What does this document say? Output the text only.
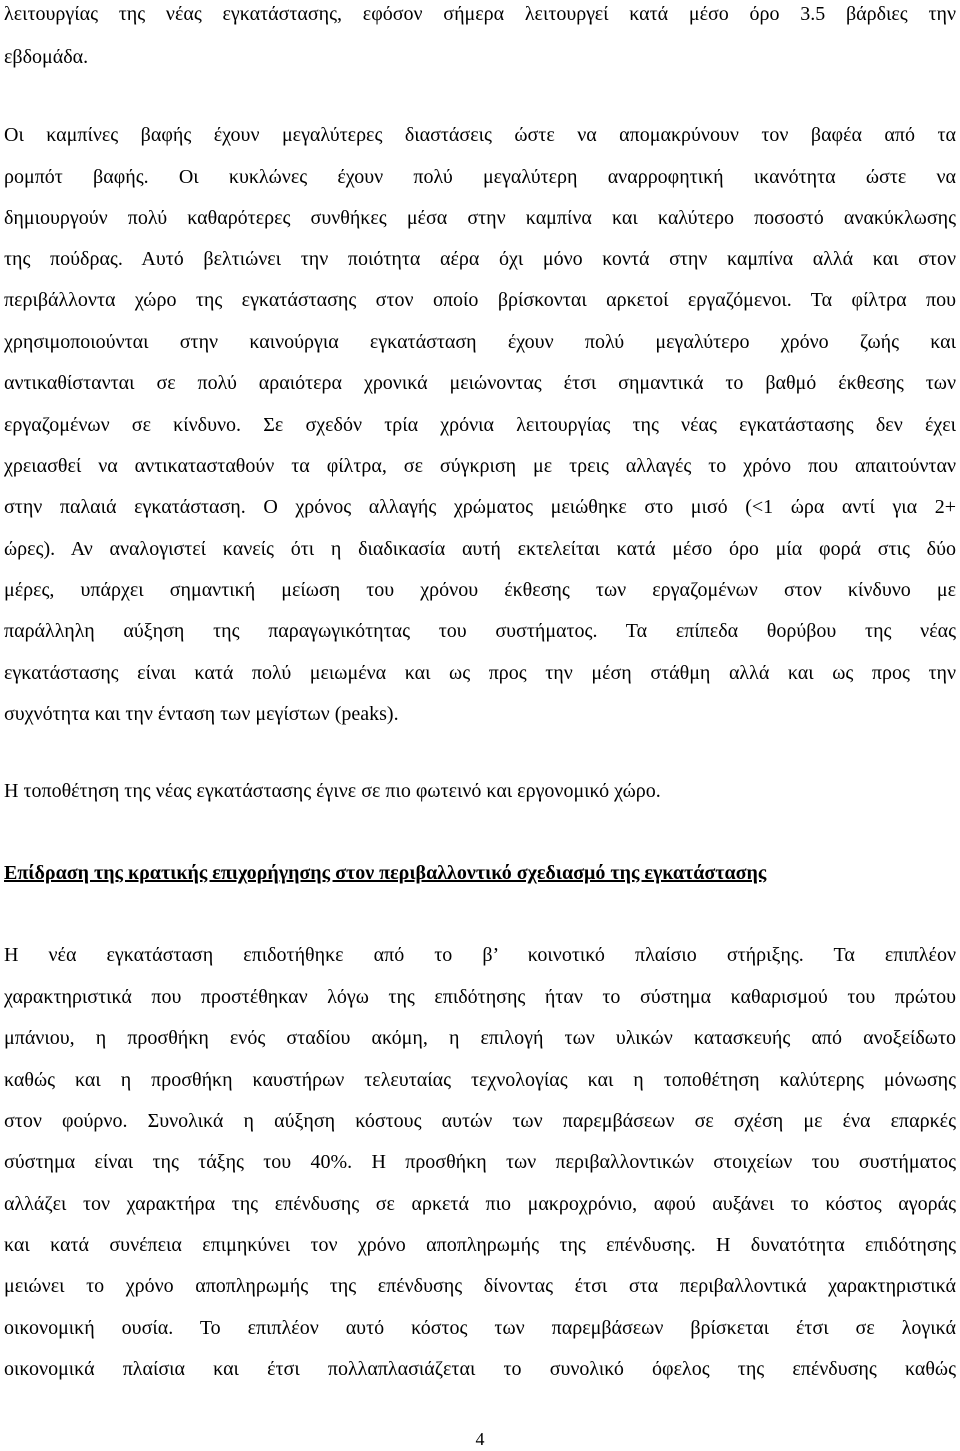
λειτουργίας της νέας εγκατάστασης, εφόσον σήμερα λειτουργεί κατά μέσο όρο 3.5 βάρδιες την
εβδομάδα.
Οι καμπίνες βαφής έχουν μεγαλύτερες διαστάσεις ώστε να απομακρύνουν τον βαφέα από τα
ρομπότ βαφής. Οι κυκλώνες έχουν πολύ μεγαλύτερη αναρροφητική ικανότητα ώστε να
δημιουργούν πολύ καθαρότερες συνθήκες μέσα στην καμπίνα και καλύτερο ποσοστό ανακύκλωσης
της πούδρας. Αυτό βελτιώνει την ποιότητα αέρα όχι μόνο κοντά στην καμπίνα αλλά και στον
περιβάλλοντα χώρο της εγκατάστασης στον οποίο βρίσκονται αρκετοί εργαζόμενοι. Τα φίλτρα που
χρησιμοποιούνται στην καινούργια εγκατάσταση έχουν πολύ μεγαλύτερο χρόνο ζωής και
αντικαθίστανται σε πολύ αραιότερα χρονικά μειώνοντας έτσι σημαντικά το βαθμό έκθεσης των
εργαζομένων σε κίνδυνο. Σε σχεδόν τρία χρόνια λειτουργίας της νέας εγκατάστασης δεν έχει
χρειασθεί να αντικατασταθούν τα φίλτρα, σε σύγκριση με τρεις αλλαγές το χρόνο που απαιτούνταν
στην παλαιά εγκατάσταση. Ο χρόνος αλλαγής χρώματος μειώθηκε στο μισό (<1 ώρα αντί για 2+
ώρες). Αν αναλογιστεί κανείς ότι η διαδικασία αυτή εκτελείται κατά μέσο όρο μία φορά στις δύο
μέρες, υπάρχει σημαντική μείωση του χρόνου έκθεσης των εργαζομένων στον κίνδυνο με
παράλληλη αύξηση της παραγωγικότητας του συστήματος. Τα επίπεδα θορύβου της νέας
εγκατάστασης είναι κατά πολύ μειωμένα και ως προς την μέση στάθμη αλλά και ως προς την
συχνότητα και την ένταση των μεγίστων (peaks).
Η τοποθέτηση της νέας εγκατάστασης έγινε σε πιο φωτεινό και εργονομικό χώρο.
Επίδραση της κρατικής επιχορήγησης στον περιβαλλοντικό σχεδιασμό της εγκατάστασης
Η νέα εγκατάσταση επιδοτήθηκε από το β’ κοινοτικό πλαίσιο στήριξης. Τα επιπλέον
χαρακτηριστικά που προστέθηκαν λόγω της επιδότησης ήταν το σύστημα καθαρισμού του πρώτου
μπάνιου, η προσθήκη ενός σταδίου ακόμη, η επιλογή των υλικών κατασκευής από ανοξείδωτο
καθώς και η προσθήκη καυστήρων τελευταίας τεχνολογίας και η τοποθέτηση καλύτερης μόνωσης
στον φούρνο. Συνολικά η αύξηση κόστους αυτών των παρεμβάσεων σε σχέση με ένα επαρκές
σύστημα είναι της τάξης του 40%. Η προσθήκη των περιβαλλοντικών στοιχείων του συστήματος
αλλάζει τον χαρακτήρα της επένδυσης σε αρκετά πιο μακροχρόνιο, αφού αυξάνει το κόστος αγοράς
και κατά συνέπεια επιμηκύνει τον χρόνο αποπληρωμής της επένδυσης. Η δυνατότητα επιδότησης
μειώνει το χρόνο αποπληρωμής της επένδυσης δίνοντας έτσι στα περιβαλλοντικά χαρακτηριστικά
οικονομική ουσία. Το επιπλέον αυτό κόστος των παρεμβάσεων βρίσκεται έτσι σε λογικά
οικονομικά πλαίσια και έτσι πολλαπλασιάζεται το συνολικό όφελος της επένδυσης καθώς
4
